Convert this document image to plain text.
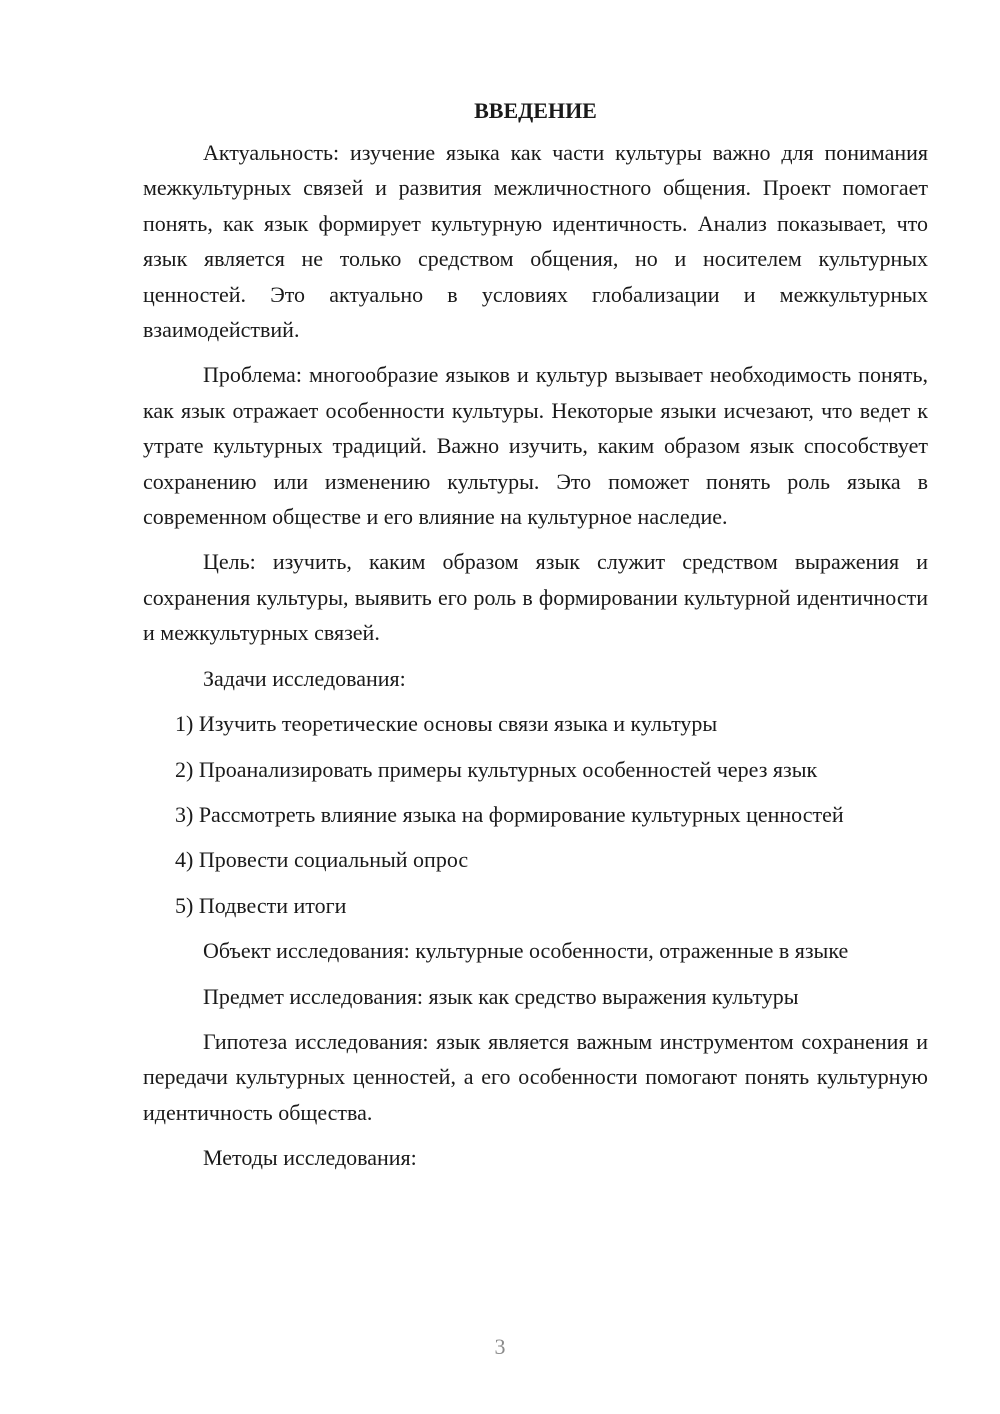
ВВЕДЕНИЕ

Актуальность: изучение языка как части культуры важно для понимания межкультурных связей и развития межличностного общения. Проект помогает понять, как язык формирует культурную идентичность. Анализ показывает, что язык является не только средством общения, но и носителем культурных ценностей. Это актуально в условиях глобализации и межкультурных взаимодействий.

Проблема: многообразие языков и культур вызывает необходимость понять, как язык отражает особенности культуры. Некоторые языки исчезают, что ведет к утрате культурных традиций. Важно изучить, каким образом язык способствует сохранению или изменению культуры. Это поможет понять роль языка в современном обществе и его влияние на культурное наследие.

Цель: изучить, каким образом язык служит средством выражения и сохранения культуры, выявить его роль в формировании культурной идентичности и межкультурных связей.

Задачи исследования:

1) Изучить теоретические основы связи языка и культуры

2) Проанализировать примеры культурных особенностей через язык

3) Рассмотреть влияние языка на формирование культурных ценностей

4) Провести социальный опрос

5) Подвести итоги

Объект исследования: культурные особенности, отраженные в языке

Предмет исследования: язык как средство выражения культуры

Гипотеза исследования: язык является важным инструментом сохранения и передачи культурных ценностей, а его особенности помогают понять культурную идентичность общества.

Методы исследования:

3
